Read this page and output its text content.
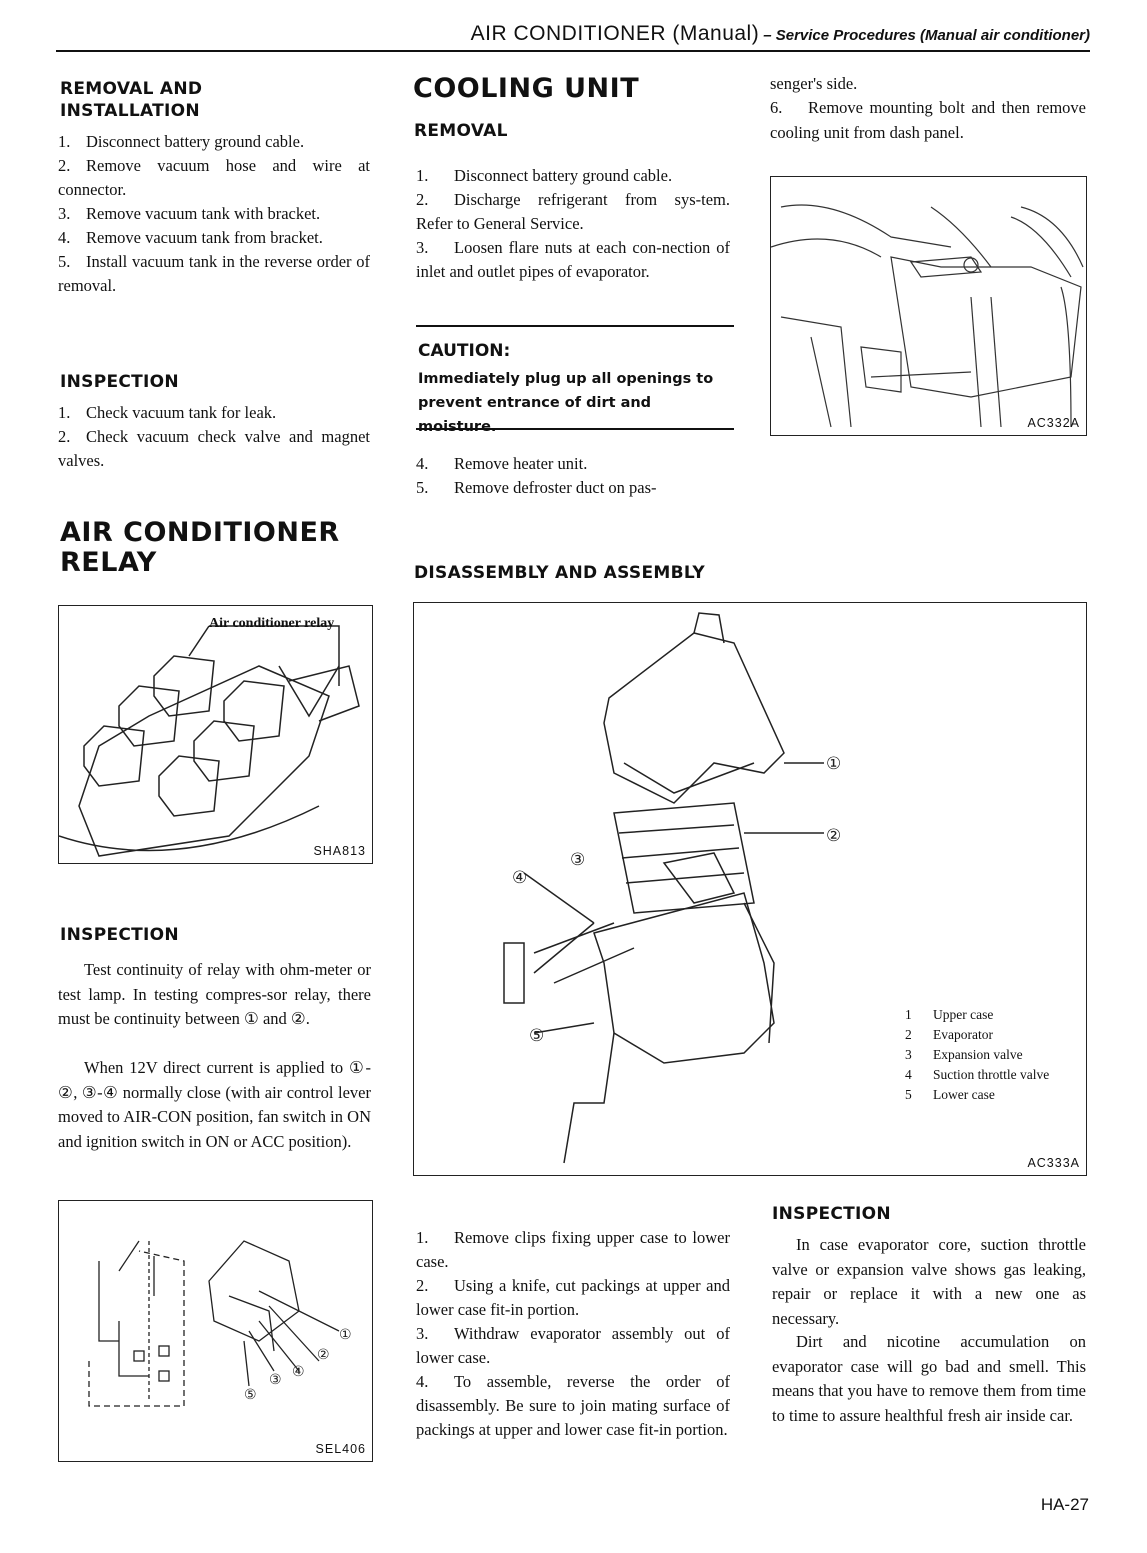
AIR CONDITIONER (Manual) – Service Procedures (Manual air conditioner)
REMOVAL AND INSTALLATION
1. Disconnect battery ground cable.
2. Remove vacuum hose and wire at connector.
3. Remove vacuum tank with bracket.
4. Remove vacuum tank from bracket.
5. Install vacuum tank in the reverse order of removal.
INSPECTION
1. Check vacuum tank for leak.
2. Check vacuum check valve and magnet valves.
AIR CONDITIONER RELAY
Air conditioner relay
SHA813
INSPECTION
Test continuity of relay with ohm-meter or test lamp. In testing compres-sor relay, there must be continuity between ① and ②.
When 12V direct current is applied to ①-②, ③-④ normally close (with air control lever moved to AIR-CON position, fan switch in ON and ignition switch in ON or ACC position).
①
②
③ ④
⑤
SEL406
COOLING UNIT
REMOVAL
1. Disconnect battery ground cable.
2. Discharge refrigerant from sys-tem. Refer to General Service.
3. Loosen flare nuts at each con-nection of inlet and outlet pipes of evaporator.
CAUTION:
Immediately plug up all openings to prevent entrance of dirt and moisture.
4. Remove heater unit.
5. Remove defroster duct on pas-
DISASSEMBLY AND ASSEMBLY
①
②
③
④
⑤
AC333A
1 Upper case
2 Evaporator
3 Expansion valve
4 Suction throttle valve
5 Lower case
1. Remove clips fixing upper case to lower case.
2. Using a knife, cut packings at upper and lower case fit-in portion.
3. Withdraw evaporator assembly out of lower case.
4. To assemble, reverse the order of disassembly. Be sure to join mating surface of packings at upper and lower case fit-in portion.
senger's side.
6. Remove mounting bolt and then remove cooling unit from dash panel.
AC332A
INSPECTION
In case evaporator core, suction throttle valve or expansion valve shows gas leaking, repair or replace it with a new one as necessary.
Dirt and nicotine accumulation on evaporator case will go bad and smell. This means that you have to remove them from time to time to assure healthful fresh air inside car.
HA-27
